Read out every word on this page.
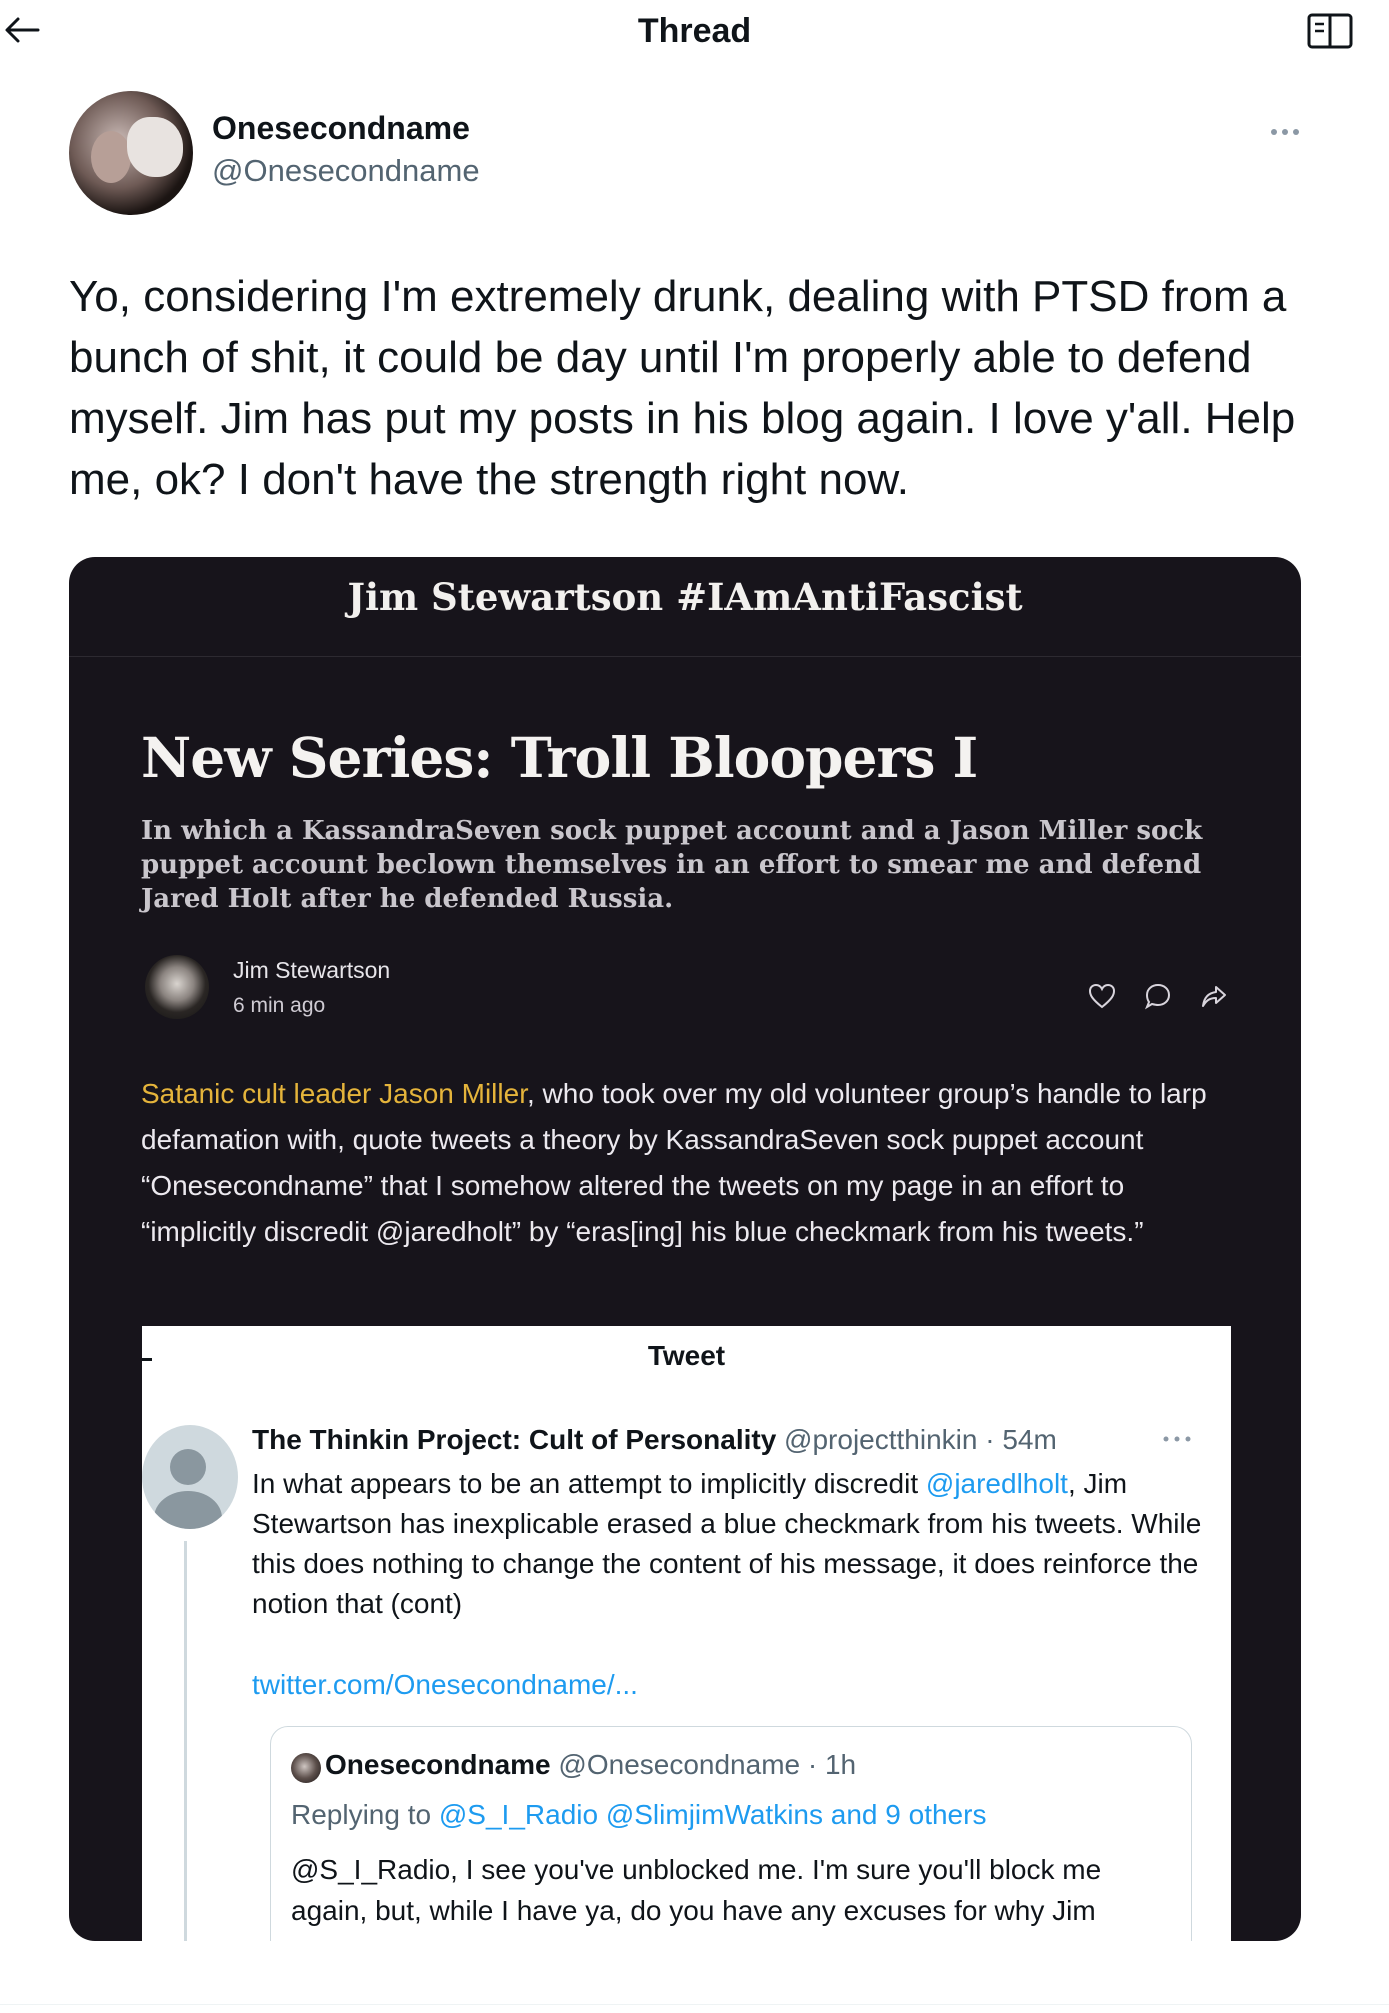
Thread
Onesecondname
@Onesecondname
Yo, considering I'm extremely drunk, dealing with PTSD from a bunch of shit, it could be day until I'm properly able to defend myself. Jim has put my posts in his blog again. I love y'all. Help me, ok? I don't have the strength right now.
Jim Stewartson #IAmAntiFascist
New Series: Troll Bloopers I
In which a KassandraSeven sock puppet account and a Jason Miller sock puppet account beclown themselves in an effort to smear me and defend Jared Holt after he defended Russia.
Jim Stewartson
6 min ago
Satanic cult leader Jason Miller, who took over my old volunteer group’s handle to larp defamation with, quote tweets a theory by KassandraSeven sock puppet account “Onesecondname” that I somehow altered the tweets on my page in an effort to “implicitly discredit @jaredholt” by “eras[ing] his blue checkmark from his tweets.”
Tweet
The Thinkin Project: Cult of Personality @projectthinkin · 54m
In what appears to be an attempt to implicitly discredit @jaredlholt, Jim Stewartson has inexplicable erased a blue checkmark from his tweets. While this does nothing to change the content of his message, it does reinforce the notion that (cont)
twitter.com/Onesecondname/...
Onesecondname @Onesecondname · 1h
Replying to @S_I_Radio @SlimjimWatkins and 9 others
@S_I_Radio, I see you've unblocked me. I'm sure you'll block me again, but, while I have ya, do you have any excuses for why Jim
